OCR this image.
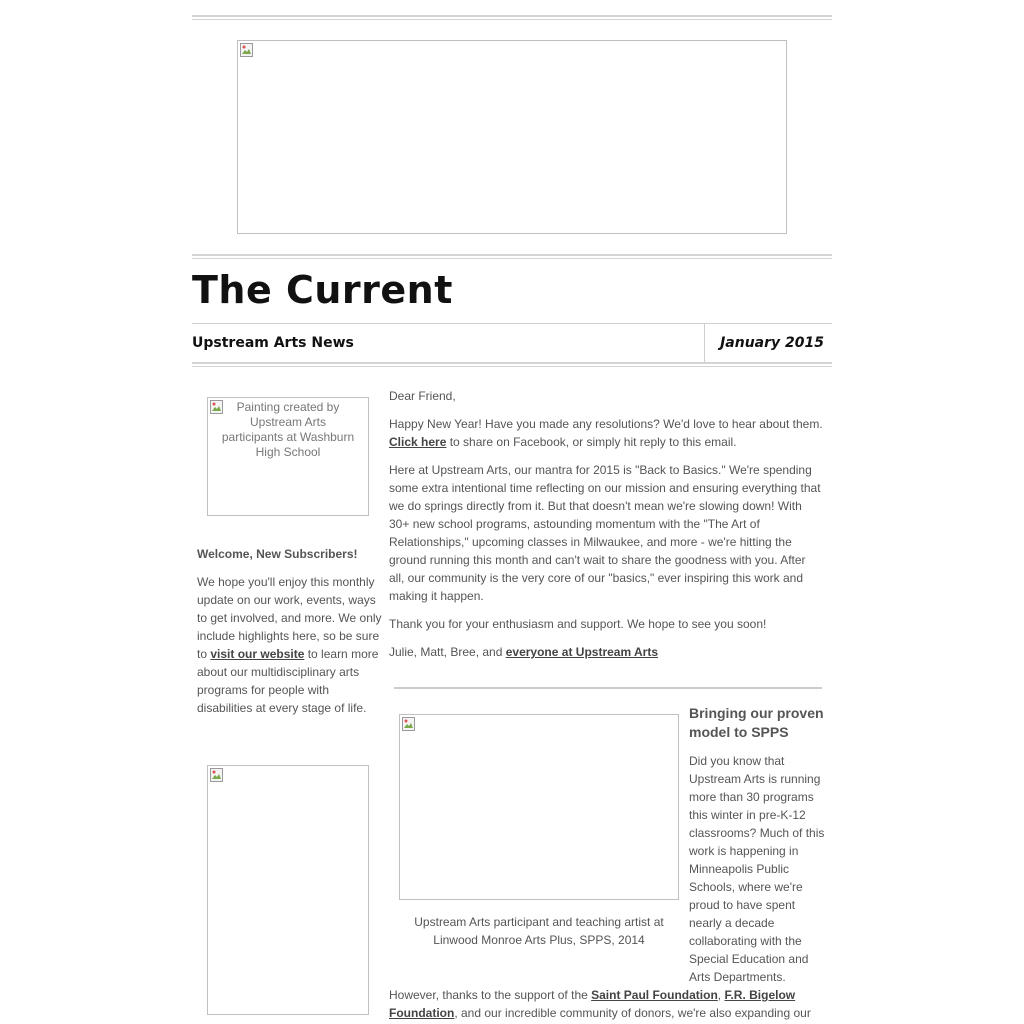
The Current
Upstream Arts News	January 2015
Painting created by Upstream Arts participants at Washburn High School
Welcome, New Subscribers!

We hope you'll enjoy this monthly update on our work, events, ways to get involved, and more. We only include highlights here, so be sure to visit our website to learn more about our multidisciplinary arts programs for people with disabilities at every stage of life.

Dear Friend,

Happy New Year! Have you made any resolutions? We'd love to hear about them. Click here to share on Facebook, or simply hit reply to this email.

Here at Upstream Arts, our mantra for 2015 is "Back to Basics." We're spending some extra intentional time reflecting on our mission and ensuring everything that we do springs directly from it. But that doesn't mean we're slowing down! With 30+ new school programs, astounding momentum with the "The Art of Relationships," upcoming classes in Milwaukee, and more - we're hitting the ground running this month and can't wait to share the goodness with you. After all, our community is the very core of our "basics," ever inspiring this work and making it happen.

Thank you for your enthusiasm and support. We hope to see you soon!

Julie, Matt, Bree, and everyone at Upstream Arts

Upstream Arts participant and teaching artist at Linwood Monroe Arts Plus, SPPS, 2014
Bringing our proven model to SPPS

Did you know that Upstream Arts is running more than 30 programs this winter in pre-K-12 classrooms? Much of this work is happening in Minneapolis Public Schools, where we're proud to have spent nearly a decade collaborating with the Special Education and Arts Departments.

However, thanks to the support of the Saint Paul Foundation, F.R. Bigelow Foundation, and our incredible community of donors, we're also expanding our
